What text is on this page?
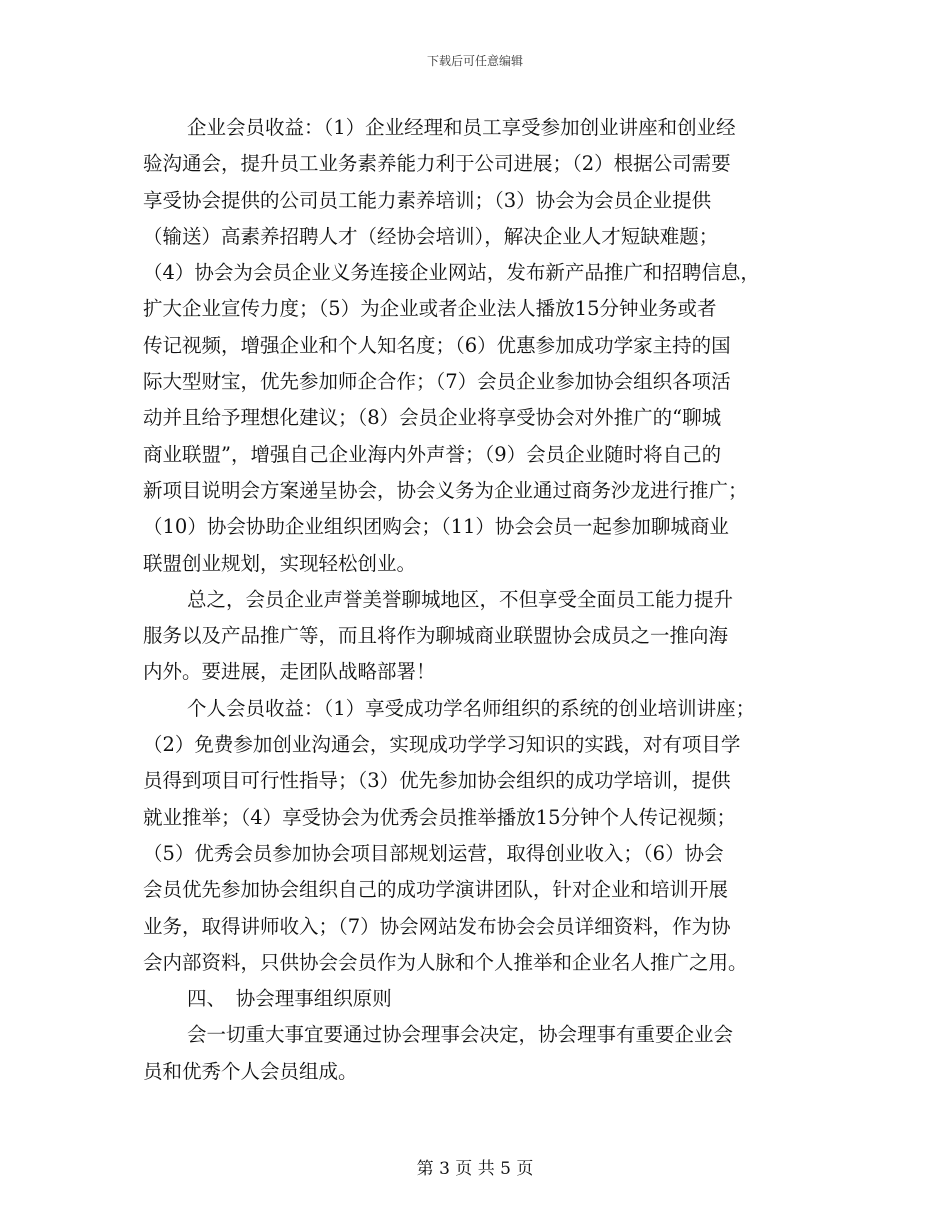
下载后可任意编辑
企业会员收益：（1）企业经理和员工享受参加创业讲座和创业经
验沟通会，提升员工业务素养能力利于公司进展；（2）根据公司需要
享受协会提供的公司员工能力素养培训；（3）协会为会员企业提供
（输送）高素养招聘人才（经协会培训），解决企业人才短缺难题；
（4）协会为会员企业义务连接企业网站，发布新产品推广和招聘信息，
扩大企业宣传力度；（5）为企业或者企业法人播放15分钟业务或者
传记视频，增强企业和个人知名度；（6）优惠参加成功学家主持的国
际大型财宝，优先参加师企合作；（7）会员企业参加协会组织各项活
动并且给予理想化建议；（8）会员企业将享受协会对外推广的“聊城
商业联盟”，增强自己企业海内外声誉；（9）会员企业随时将自己的
新项目说明会方案递呈协会，协会义务为企业通过商务沙龙进行推广；
（10）协会协助企业组织团购会；（11）协会会员一起参加聊城商业
联盟创业规划，实现轻松创业。
总之，会员企业声誉美誉聊城地区，不但享受全面员工能力提升
服务以及产品推广等，而且将作为聊城商业联盟协会成员之一推向海
内外。要进展，走团队战略部署！
个人会员收益：（1）享受成功学名师组织的系统的创业培训讲座；
（2）免费参加创业沟通会，实现成功学学习知识的实践，对有项目学
员得到项目可行性指导；（3）优先参加协会组织的成功学培训，提供
就业推举；（4）享受协会为优秀会员推举播放15分钟个人传记视频；
（5）优秀会员参加协会项目部规划运营，取得创业收入；（6）协会
会员优先参加协会组织自己的成功学演讲团队，针对企业和培训开展
业务，取得讲师收入；（7）协会网站发布协会会员详细资料，作为协
会内部资料，只供协会会员作为人脉和个人推举和企业名人推广之用。
四、　协会理事组织原则
会一切重大事宜要通过协会理事会决定，协会理事有重要企业会
员和优秀个人会员组成。
第 3 页 共 5 页
